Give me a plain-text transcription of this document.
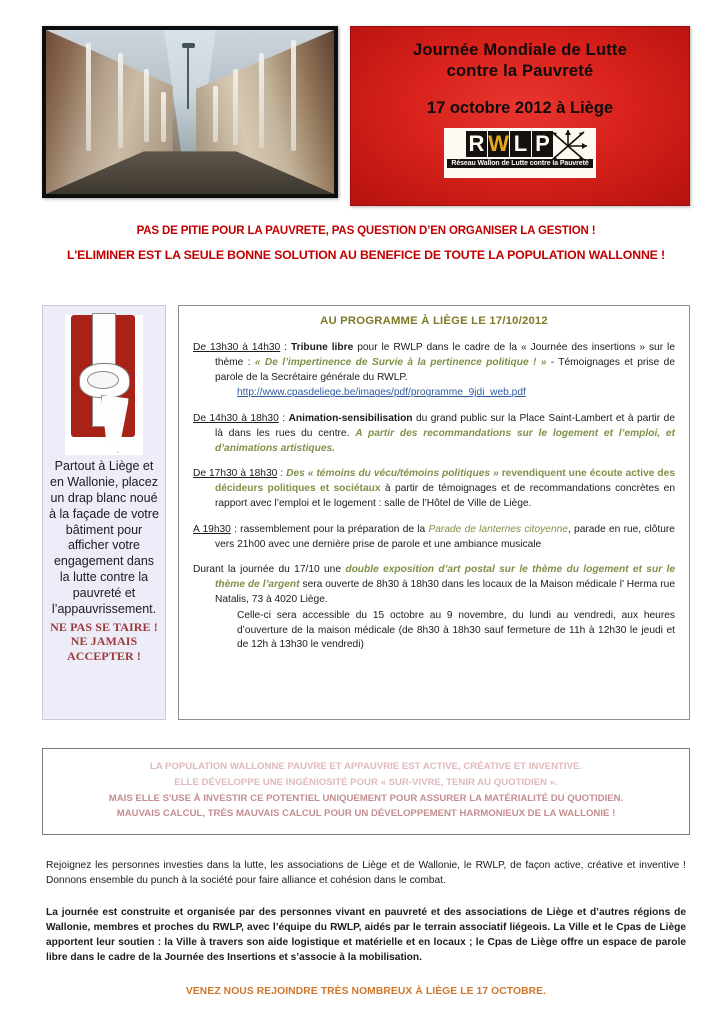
Journée Mondiale de Lutte
contre la Pauvreté
17 octobre 2012 à Liège
R W L P
Réseau Wallon de Lutte contre la Pauvreté
PAS DE PITIE POUR LA PAUVRETE, PAS QUESTION D’EN ORGANISER LA GESTION !
L'ELIMINER EST LA SEULE BONNE SOLUTION AU BENEFICE DE TOUTE LA POPULATION WALLONNE !
Partout à Liège et en Wallonie, placez un drap blanc noué à la façade de votre bâtiment pour afficher votre engagement dans la lutte contre la pauvreté et l’appauvrissement.
NE PAS SE TAIRE ! NE JAMAIS ACCEPTER !
AU PROGRAMME À LIÈGE LE 17/10/2012
De 13h30 à 14h30 : Tribune libre pour le RWLP dans le cadre de la « Journée des insertions » sur le thème : « De l’impertinence de Survie à la pertinence politique ! » - Témoignages et prise de parole de la Secrétaire générale du RWLP.
http://www.cpasdeliege.be/images/pdf/programme_9jdi_web.pdf
De 14h30 à 18h30 : Animation-sensibilisation du grand public sur la Place Saint-Lambert et à partir de là dans les rues du centre. A partir des recommandations sur le logement et l’emploi, et d’animations artistiques.
De 17h30 à 18h30 : Des « témoins du vécu/témoins politiques » revendiquent une écoute active des décideurs politiques et sociétaux à partir de témoignages et de recommandations concrètes en rapport avec l’emploi et le logement : salle de l’Hôtel de Ville de Liège.
A 19h30 : rassemblement pour la préparation de la Parade de lanternes citoyenne, parade en rue, clôture vers 21h00 avec une dernière prise de parole et une ambiance musicale
Durant la journée du 17/10 une double exposition d’art postal sur le thème du logement et sur le thème de l’argent sera ouverte de 8h30 à 18h30 dans les locaux de la Maison médicale l’ Herma rue Natalis, 73 à 4020 Liège.
Celle-ci sera accessible du 15 octobre au 9 novembre, du lundi au vendredi, aux heures d’ouverture de la maison médicale (de 8h30 à 18h30 sauf fermeture de 11h à 12h30 le jeudi et de 12h à 13h30 le vendredi)
LA POPULATION WALLONNE PAUVRE ET APPAUVRIE EST ACTIVE, CRÉATIVE ET INVENTIVE.
ELLE DÉVELOPPE UNE INGÉNIOSITÉ POUR « SUR-VIVRE, TENIR AU QUOTIDIEN ».
MAIS ELLE S'USE À INVESTIR CE POTENTIEL UNIQUEMENT POUR ASSURER LA MATÉRIALITÉ DU QUOTIDIEN.
MAUVAIS CALCUL, TRÈS MAUVAIS CALCUL POUR UN DÉVELOPPEMENT HARMONIEUX DE LA WALLONIE !
Rejoignez les personnes investies dans la lutte, les associations de Liège et de Wallonie, le RWLP, de façon active, créative et inventive ! Donnons ensemble du punch à la société pour faire alliance et cohésion dans le combat.
La journée est construite et organisée par des personnes vivant en pauvreté et des associations de Liège et d’autres régions de Wallonie, membres et proches du RWLP, avec l’équipe du RWLP, aidés par le terrain associatif liégeois. La Ville et le Cpas de Liège apportent leur soutien : la Ville à travers son aide logistique et matérielle et en locaux ; le Cpas de Liège offre un espace de parole libre dans le cadre de la Journée des Insertions et s’associe à la mobilisation.
VENEZ NOUS REJOINDRE TRÈS NOMBREUX À LIÈGE LE 17 OCTOBRE.
